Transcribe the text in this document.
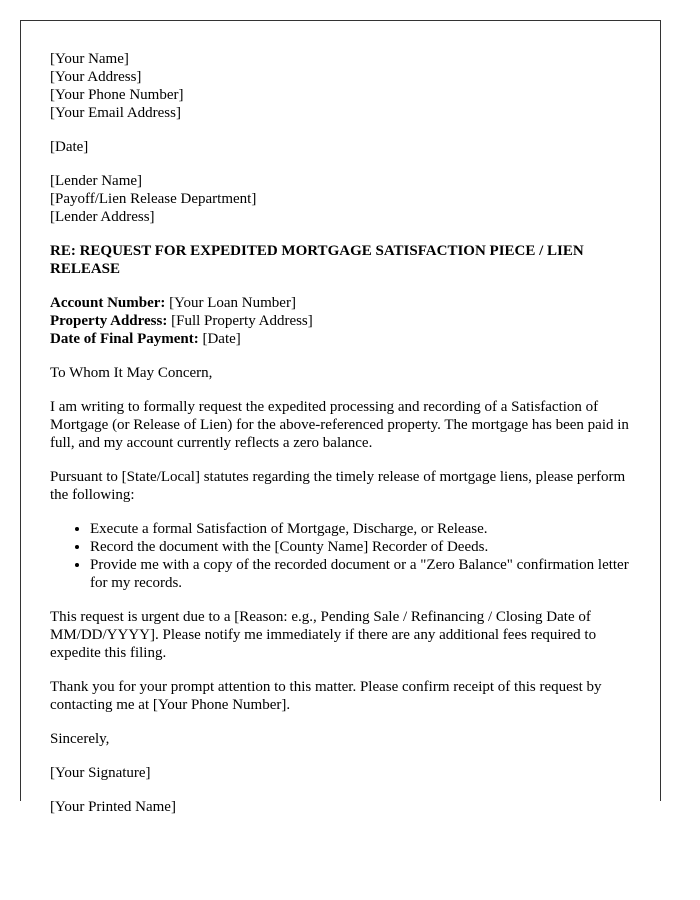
[Your Name]
[Your Address]
[Your Phone Number]
[Your Email Address]
[Date]
[Lender Name]
[Payoff/Lien Release Department]
[Lender Address]
RE: REQUEST FOR EXPEDITED MORTGAGE SATISFACTION PIECE / LIEN RELEASE
Account Number: [Your Loan Number]
Property Address: [Full Property Address]
Date of Final Payment: [Date]

To Whom It May Concern,

I am writing to formally request the expedited processing and recording of a Satisfaction of Mortgage (or Release of Lien) for the above-referenced property. The mortgage has been paid in full, and my account currently reflects a zero balance.

Pursuant to [State/Local] statutes regarding the timely release of mortgage liens, please perform the following:

• Execute a formal Satisfaction of Mortgage, Discharge, or Release.
• Record the document with the [County Name] Recorder of Deeds.
• Provide me with a copy of the recorded document or a "Zero Balance" confirmation letter for my records.

This request is urgent due to a [Reason: e.g., Pending Sale / Refinancing / Closing Date of MM/DD/YYYY]. Please notify me immediately if there are any additional fees required to expedite this filing.

Thank you for your prompt attention to this matter. Please confirm receipt of this request by contacting me at [Your Phone Number].

Sincerely,

[Your Signature]

[Your Printed Name]
